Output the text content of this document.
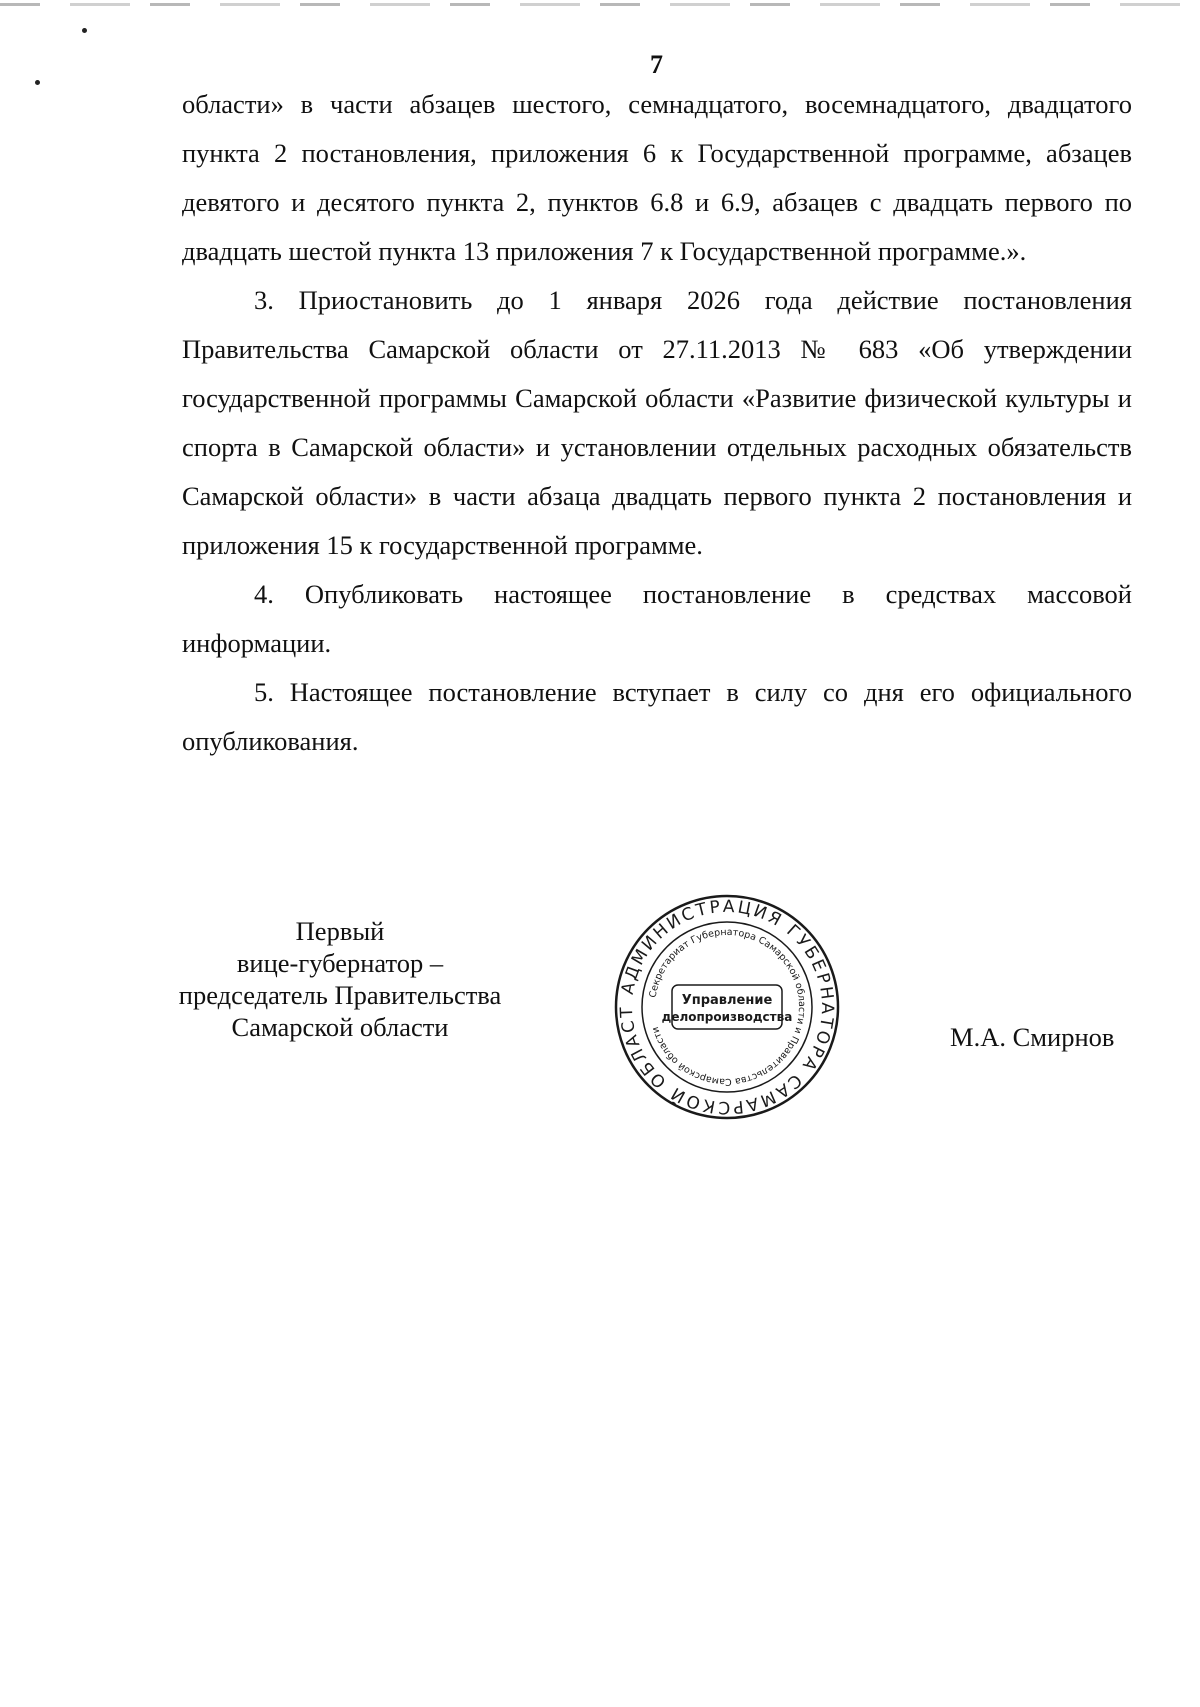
7

области» в части абзацев шестого, семнадцатого, восемнадцатого, двадцатого пункта 2 постановления, приложения 6 к Государственной программе, абзацев девятого и десятого пункта 2, пунктов 6.8 и 6.9, абзацев с двадцать первого по двадцать шестой пункта 13 приложения 7 к Государственной программе.».

3. Приостановить до 1 января 2026 года действие постановления Правительства Самарской области от 27.11.2013 № 683 «Об утверждении государственной программы Самарской области «Развитие физической культуры и спорта в Самарской области» и установлении отдельных расходных обязательств Самарской области» в части абзаца двадцать первого пункта 2 постановления и приложения 15 к государственной программе.

4. Опубликовать настоящее постановление в средствах массовой информации.

5. Настоящее постановление вступает в силу со дня его официального опубликования.

Первый
вице-губернатор –
председатель Правительства
Самарской области
АДМИНИСТРАЦИЯ ГУБЕРНАТОРА САМАРСКОЙ ОБЛАСТ
Секретариат Губернатора Самарской области и Правительства Самарской области
Управление
делопроизводства
М.А. Смирнов
